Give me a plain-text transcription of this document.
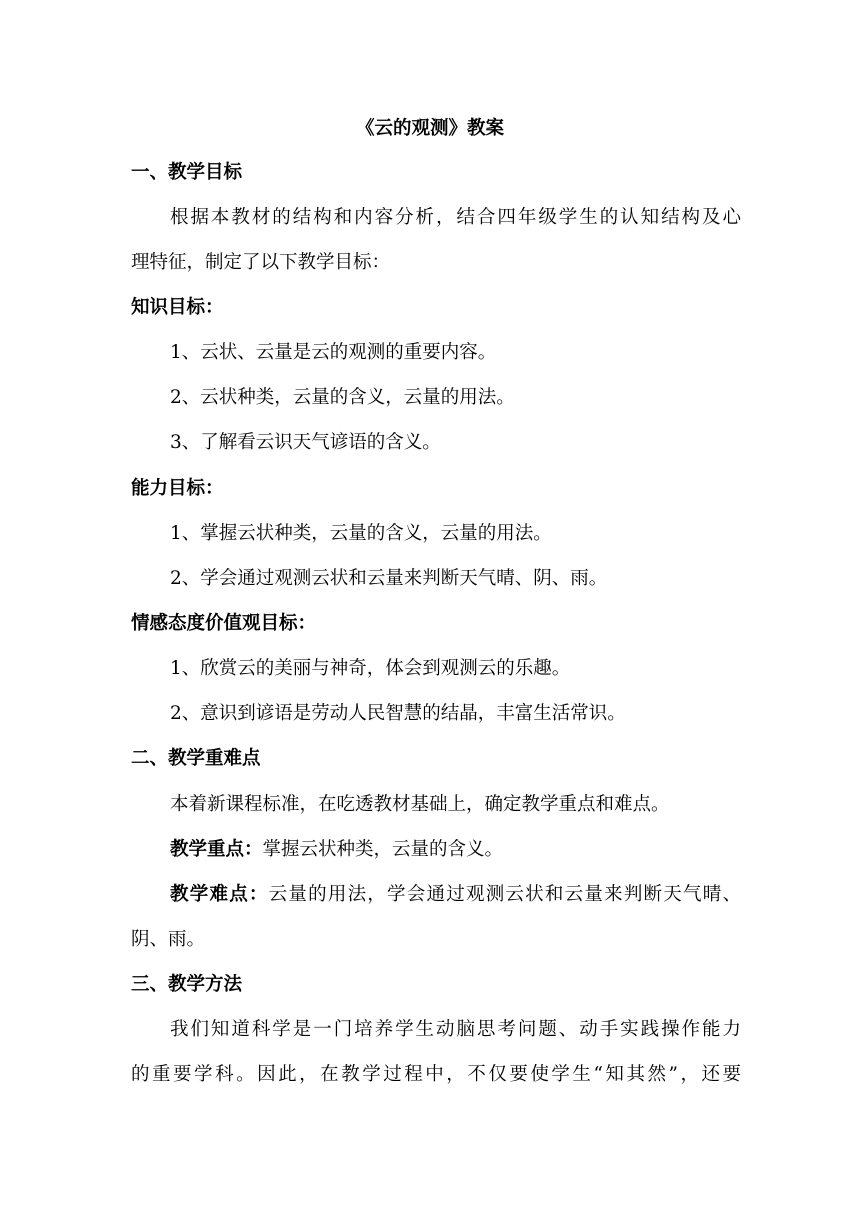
《云的观测》教案
一、教学目标
根据本教材的结构和内容分析，结合四年级学生的认知结构及心
理特征，制定了以下教学目标：
知识目标：
1、云状、云量是云的观测的重要内容。
2、云状种类，云量的含义，云量的用法。
3、了解看云识天气谚语的含义。
能力目标：
1、掌握云状种类，云量的含义，云量的用法。
2、学会通过观测云状和云量来判断天气晴、阴、雨。
情感态度价值观目标：
1、欣赏云的美丽与神奇，体会到观测云的乐趣。
2、意识到谚语是劳动人民智慧的结晶，丰富生活常识。
二、教学重难点
本着新课程标准，在吃透教材基础上，确定教学重点和难点。
教学重点：掌握云状种类，云量的含义。
教学难点：云量的用法，学会通过观测云状和云量来判断天气晴、
阴、雨。
三、教学方法
我们知道科学是一门培养学生动脑思考问题、动手实践操作能力
的重要学科。因此，在教学过程中，不仅要使学生“知其然”，还要
